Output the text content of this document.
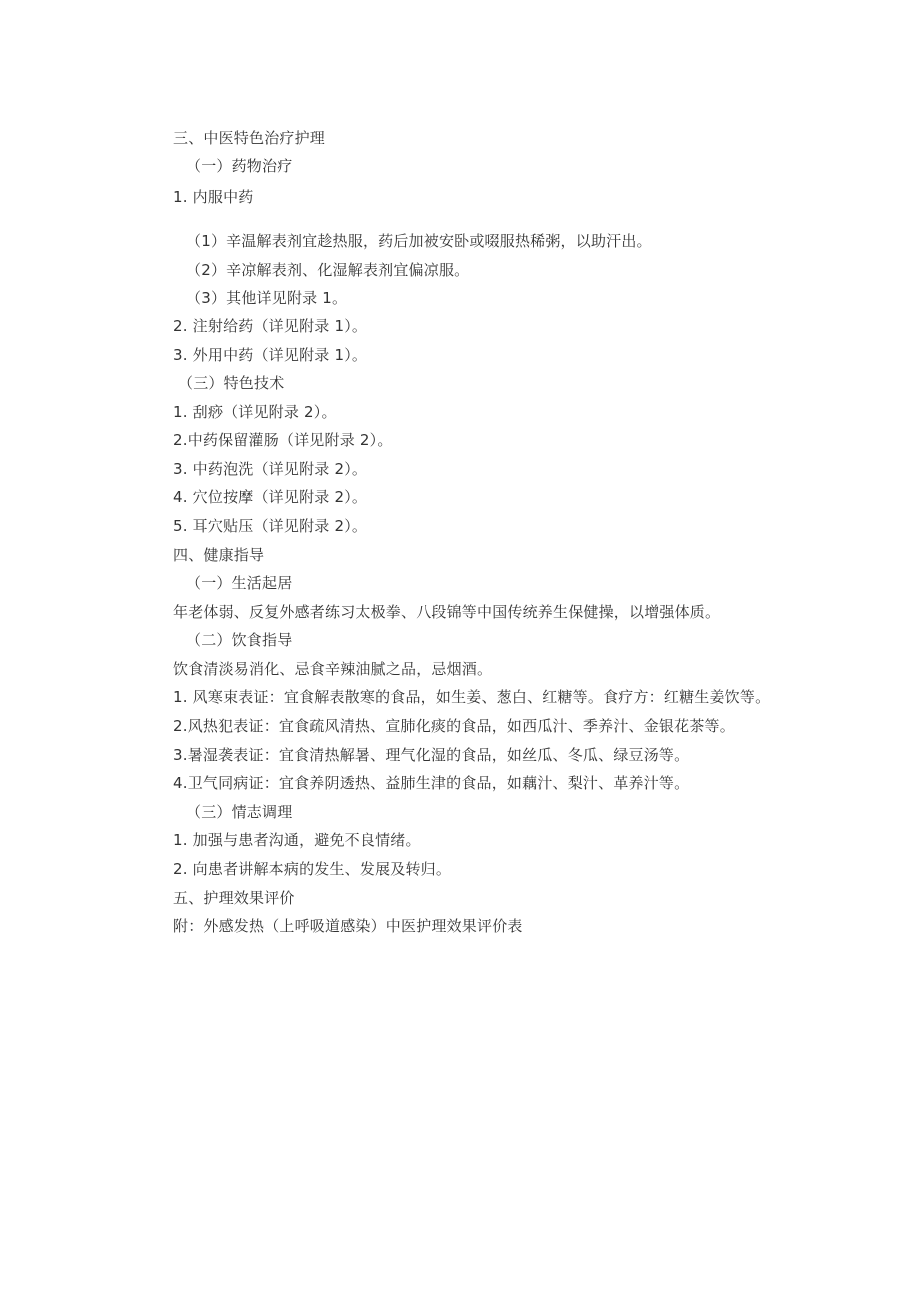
三、中医特色治疗护理
（一）药物治疗
1. 内服中药
（1）辛温解表剂宜趁热服，药后加被安卧或啜服热稀粥，以助汗出。
（2）辛凉解表剂、化湿解表剂宜偏凉服。
（3）其他详见附录 1。
2. 注射给药（详见附录 1）。
3. 外用中药（详见附录 1）。
（三）特色技术
1. 刮痧（详见附录 2）。
2.中药保留灌肠（详见附录 2）。
3. 中药泡洗（详见附录 2）。
4. 穴位按摩（详见附录 2）。
5. 耳穴贴压（详见附录 2）。
四、健康指导
（一）生活起居
年老体弱、反复外感者练习太极拳、八段锦等中国传统养生保健操，以增强体质。
（二）饮食指导
饮食清淡易消化、忌食辛辣油腻之品，忌烟酒。
1. 风寒束表证：宜食解表散寒的食品，如生姜、葱白、红糖等。食疗方：红糖生姜饮等。
2.风热犯表证：宜食疏风清热、宣肺化痰的食品，如西瓜汁、季养汁、金银花茶等。
3.暑湿袭表证：宜食清热解暑、理气化湿的食品，如丝瓜、冬瓜、绿豆汤等。
4.卫气同病证：宜食养阴透热、益肺生津的食品，如藕汁、梨汁、革养汁等。
（三）情志调理
1. 加强与患者沟通，避免不良情绪。
2. 向患者讲解本病的发生、发展及转归。
五、护理效果评价
附：外感发热（上呼吸道感染）中医护理效果评价表
